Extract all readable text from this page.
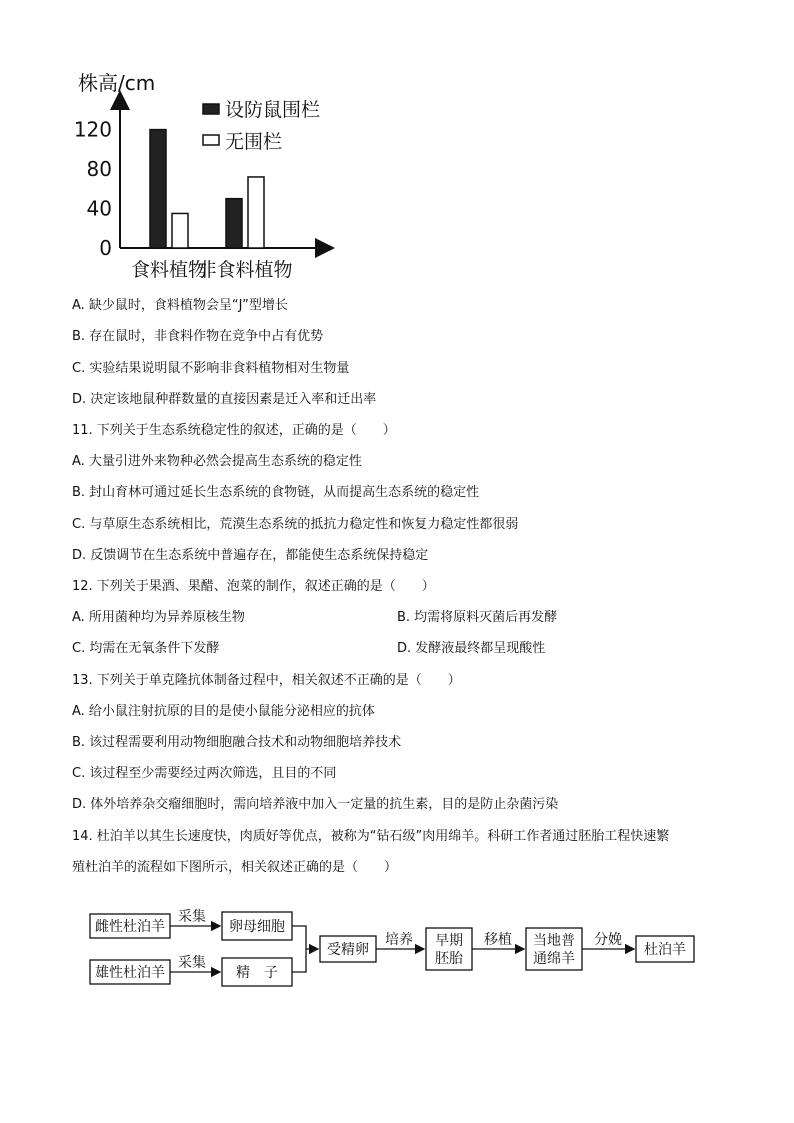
株高/cm
0
40
80
120
食料植物
非食料植物
设防鼠围栏
无围栏
A. 缺少鼠时，食料植物会呈“J”型增长
B. 存在鼠时，非食料作物在竞争中占有优势
C. 实验结果说明鼠不影响非食料植物相对生物量
D. 决定该地鼠种群数量的直接因素是迁入率和迁出率
11. 下列关于生态系统稳定性的叙述，正确的是（　　）
A. 大量引进外来物种必然会提高生态系统的稳定性
B. 封山育林可通过延长生态系统的食物链，从而提高生态系统的稳定性
C. 与草原生态系统相比，荒漠生态系统的抵抗力稳定性和恢复力稳定性都很弱
D. 反馈调节在生态系统中普遍存在，都能使生态系统保持稳定
12. 下列关于果酒、果醋、泡菜的制作，叙述正确的是（　　）
A. 所用菌种均为异养原核生物	B. 均需将原料灭菌后再发酵
C. 均需在无氧条件下发酵	D. 发酵液最终都呈现酸性
13. 下列关于单克隆抗体制备过程中，相关叙述不正确的是（　　）
A. 给小鼠注射抗原的目的是使小鼠能分泌相应的抗体
B. 该过程需要利用动物细胞融合技术和动物细胞培养技术
C. 该过程至少需要经过两次筛选，且目的不同
D. 体外培养杂交瘤细胞时，需向培养液中加入一定量的抗生素，目的是防止杂菌污染
14. 杜泊羊以其生长速度快，肉质好等优点，被称为“钻石级”肉用绵羊。科研工作者通过胚胎工程快速繁
殖杜泊羊的流程如下图所示，相关叙述正确的是（　　）
雌性杜泊羊
雄性杜泊羊
采集
采集
卵母细胞
精　子
受精卵
培养 早期
胚胎
移植 当地普
通绵羊
分娩
杜泊羊
